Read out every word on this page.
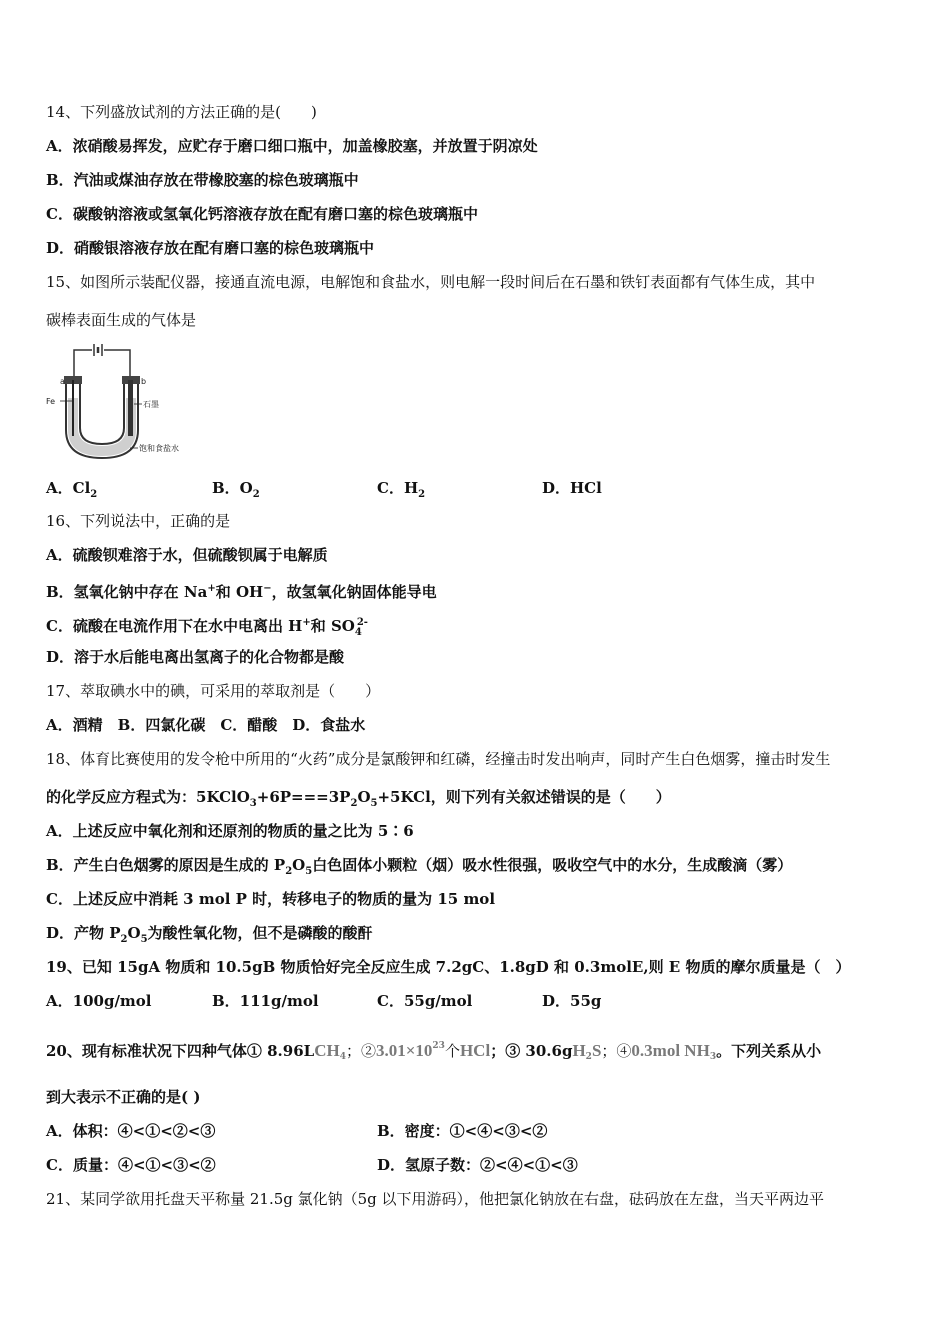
14、下列盛放试剂的方法正确的是(　　)
A．浓硝酸易挥发，应贮存于磨口细口瓶中，加盖橡胶塞，并放置于阴凉处
B．汽油或煤油存放在带橡胶塞的棕色玻璃瓶中
C．碳酸钠溶液或氢氧化钙溶液存放在配有磨口塞的棕色玻璃瓶中
D．硝酸银溶液存放在配有磨口塞的棕色玻璃瓶中
15、如图所示装配仪器，接通直流电源，电解饱和食盐水，则电解一段时间后在石墨和铁钉表面都有气体生成，其中
碳棒表面生成的气体是
a	b
Fe	石墨
饱和食盐水
A．$Cl_2$	B．$O_2$	C．$H_2$	D．HCl
16、下列说法中，正确的是
A．硫酸钡难溶于水，但硫酸钡属于电解质
B．氢氧化钠中存在 Na+和 OH−，故氢氧化钠固体能导电
C．硫酸在电流作用下在水中电离出 H+和 $SO_4^{2-}$
D．溶于水后能电离出氢离子的化合物都是酸
17、萃取碘水中的碘，可采用的萃取剂是（　　）
A．酒精　B．四氯化碳　C．醋酸　D．食盐水
18、体育比赛使用的发令枪中所用的“火药”成分是氯酸钾和红磷，经撞击时发出响声，同时产生白色烟雾，撞击时发生
的化学反应方程式为：$5KClO_3+6P===3P_2O_5+5KCl$，则下列有关叙述错误的是（　　）
A．上述反应中氧化剂和还原剂的物质的量之比为 5∶6
B．产生白色烟雾的原因是生成的 $P_2O_5$白色固体小颗粒（烟）吸水性很强，吸收空气中的水分，生成酸滴（雾）
C．上述反应中消耗 3 mol P 时，转移电子的物质的量为 15 mol
D．产物 $P_2O_5$为酸性氧化物，但不是磷酸的酸酐
19、已知 15gA 物质和 10.5gB 物质恰好完全反应生成 7.2gC、1.8gD 和 0.3molE,则 E 物质的摩尔质量是（　）
A．100g/mol	B．111g/mol	C．55g/mol	D．55g
20、现有标准状况下四种气体① $8.96LCH_4$；$②3.01\times 10^{23}$个HCl；③ $30.6gH_2S$；④0.3mol $NH_3$。下列关系从小
到大表示不正确的是( )
A．体积：④<①<②<③	B．密度：①<④<③<②
C．质量：④<①<③<②	D．氢原子数：②<④<①<③
21、某同学欲用托盘天平称量 21.5g 氯化钠（5g 以下用游码），他把氯化钠放在右盘，砝码放在左盘，当天平两边平
